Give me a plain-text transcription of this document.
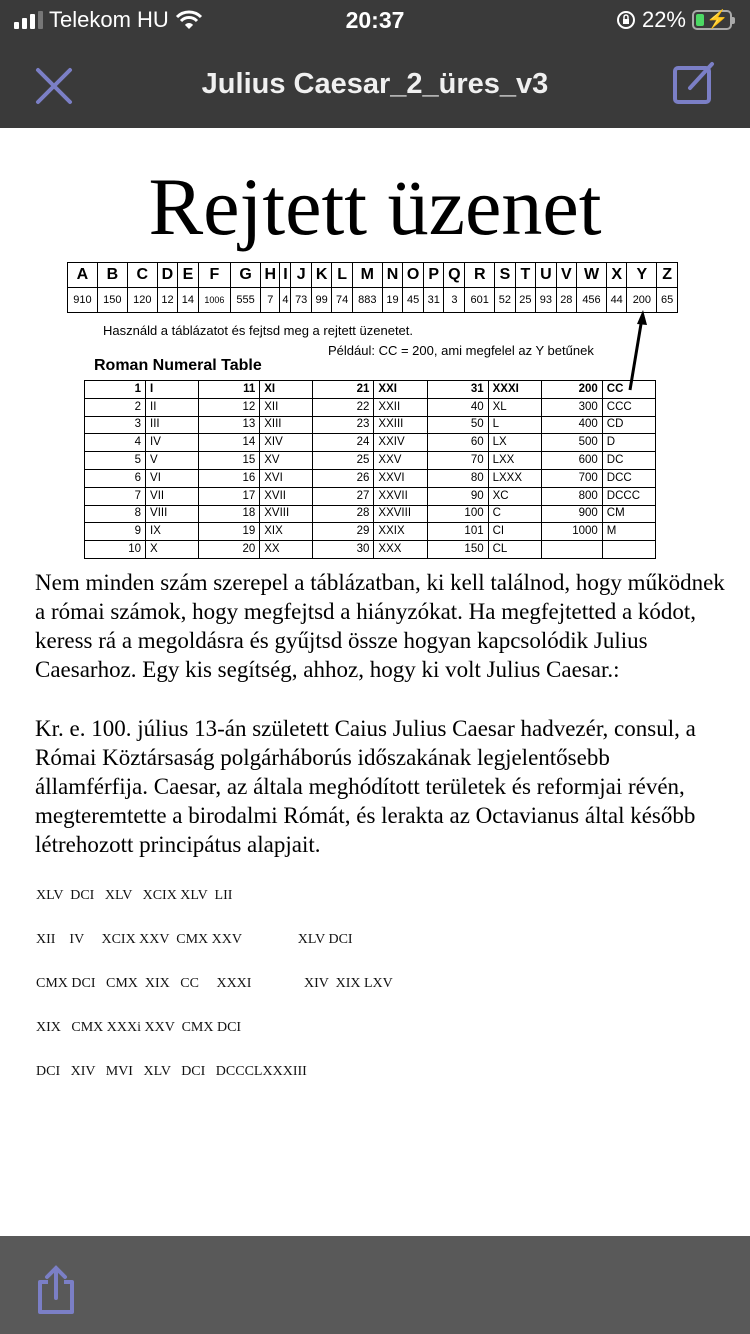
Telekom HU	20:37	22% ⚡
Julius Caesar_2_üres_v3
Rejtett üzenet
A	B	C	D	E	F	G	H	I	J	K	L	M	N	O	P	Q	R	S	T	U	V	W	X	Y	Z
910	150	120	12	14	1006	555	7	4	73	99	74	883	19	45	31	3	601	52	25	93	28	456	44	200	65
Használd a táblázatot és fejtsd meg a rejtett üzenetet.
Például: CC = 200, ami megfelel az Y betűnek
Roman Numeral Table
1	I	11	XI	21	XXI	31	XXXI	200	CC
2	II	12	XII	22	XXII	40	XL	300	CCC
3	III	13	XIII	23	XXIII	50	L	400	CD
4	IV	14	XIV	24	XXIV	60	LX	500	D
5	V	15	XV	25	XXV	70	LXX	600	DC
6	VI	16	XVI	26	XXVI	80	LXXX	700	DCC
7	VII	17	XVII	27	XXVII	90	XC	800	DCCC
8	VIII	18	XVIII	28	XXVIII	100	C	900	CM
9	IX	19	XIX	29	XXIX	101	CI	1000	M
10	X	20	XX	30	XXX	150	CL		
Nem minden szám szerepel a táblázatban, ki kell találnod, hogy működnek a római számok, hogy megfejtsd a hiányzókat. Ha megfejtetted a kódot, keress rá a megoldásra és gyűjtsd össze hogyan kapcsolódik Julius Caesarhoz. Egy kis segítség, ahhoz, hogy ki volt Julius Caesar.:
Kr. e. 100. július 13-án született Caius Julius Caesar hadvezér, consul, a Római Köztársaság polgárháborús időszakának legjelentősebb államférfija. Caesar, az általa meghódított területek és reformjai révén, megteremtette a birodalmi Rómát, és lerakta az Octavianus által később létrehozott principátus alapjait.
XLV  DCI   XLV   XCIX XLV  LII
XII    IV     XCIX XXV  CMX XXV                XLV DCI
CMX DCI   CMX  XIX   CC     XXXI               XIV  XIX LXV
XIX   CMX XXXi XXV  CMX DCI
DCI   XIV   MVI   XLV   DCI   DCCCLXXXIII
